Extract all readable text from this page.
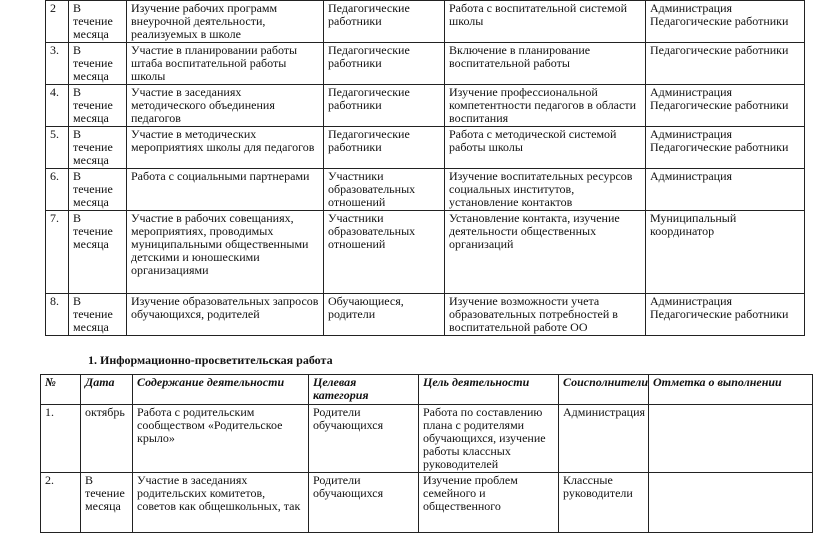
2	В течение месяца	Изучение рабочих программ внеурочной деятельности, реализуемых в школе	Педагогические работники	Работа с воспитательной системой школы	Администрация Педагогические работники
3.	В течение месяца	Участие в планировании работы штаба воспитательной работы школы	Педагогические работники	Включение в планирование воспитательной работы	Педагогические работники
4.	В течение месяца	Участие в заседаниях методического объединения педагогов	Педагогические работники	Изучение профессиональной компетентности педагогов в области воспитания	Администрация Педагогические работники
5.	В течение месяца	Участие в методических мероприятиях школы для педагогов	Педагогические работники	Работа с методической системой работы школы	Администрация Педагогические работники
6.	В течение месяца	Работа с социальными партнерами	Участники образовательных отношений	Изучение воспитательных ресурсов социальных институтов, установление контактов	Администрация
7.	В течение месяца	Участие в рабочих совещаниях, мероприятиях, проводимых муниципальными общественными детскими и юношескими организациями	Участники образовательных отношений	Установление контакта, изучение деятельности общественных организаций	Муниципальный координатор
8.	В течение месяца	Изучение образовательных запросов обучающихся, родителей	Обучающиеся, родители	Изучение возможности учета образовательных потребностей в воспитательной работе ОО	Администрация Педагогические работники

1. Информационно-просветительская работа

№	Дата	Содержание деятельности	Целевая категория	Цель деятельности	Соисполнители	Отметка о выполнении
1.	октябрь	Работа с родительским сообществом «Родительское крыло»	Родители обучающихся	Работа по составлению плана с родителями обучающихся, изучение работы классных руководителей	Администрация	
2.	В течение месяца	Участие в заседаниях родительских комитетов, советов как общешкольных, так	Родители обучающихся	Изучение проблем семейного и общественного	Классные руководители	
